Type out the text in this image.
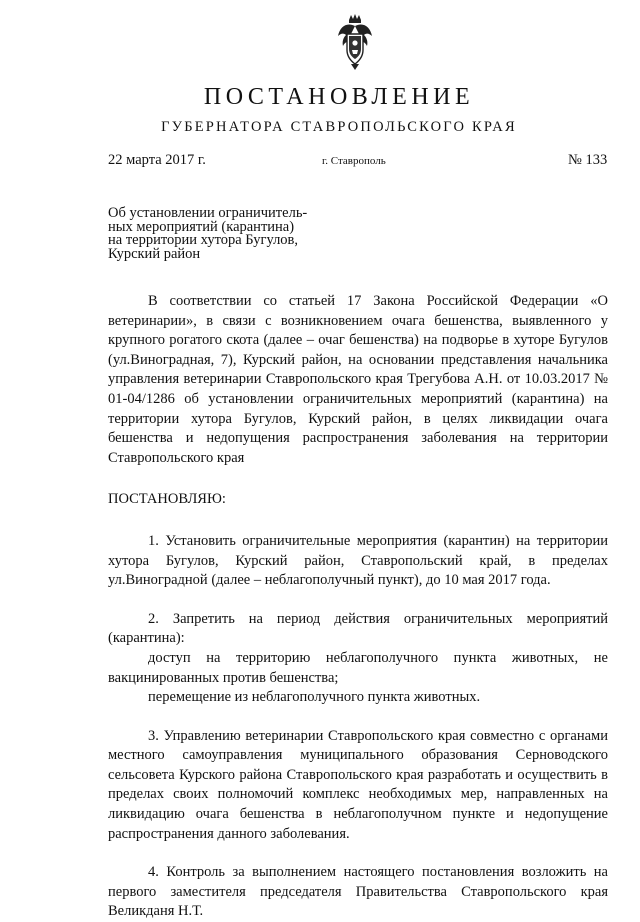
ПОСТАНОВЛЕНИЕ
ГУБЕРНАТОРА СТАВРОПОЛЬСКОГО КРАЯ
22 марта 2017 г.	г. Ставрополь	№ 133
Об установлении ограничитель-
ных мероприятий (карантина)
на территории хутора Бугулов,
Курский район

В соответствии со статьей 17 Закона Российской Федерации «О ветеринарии», в связи с возникновением очага бешенства, выявленного у крупного рогатого скота (далее – очаг бешенства) на подворье в хуторе Бугулов (ул.Виноградная, 7), Курский район, на основании представления начальника управления ветеринарии Ставропольского края Трегубова А.Н. от 10.03.2017 № 01-04/1286 об установлении ограничительных мероприятий (карантина) на территории хутора Бугулов, Курский район, в целях ликвидации очага бешенства и недопущения распространения заболевания на территории Ставропольского края

ПОСТАНОВЛЯЮ:

1. Установить ограничительные мероприятия (карантин) на территории хутора Бугулов, Курский район, Ставропольский край, в пределах ул.Виноградной (далее – неблагополучный пункт), до 10 мая 2017 года.

2. Запретить на период действия ограничительных мероприятий (карантина):

доступ на территорию неблагополучного пункта животных, не вакцинированных против бешенства;

перемещение из неблагополучного пункта животных.

3. Управлению ветеринарии Ставропольского края совместно с органами местного самоуправления муниципального образования Серноводского сельсовета Курского района Ставропольского края разработать и осуществить в пределах своих полномочий комплекс необходимых мер, направленных на ликвидацию очага бешенства в неблагополучном пункте и недопущение распространения данного заболевания.

4. Контроль за выполнением настоящего постановления возложить на первого заместителя председателя Правительства Ставропольского края Великданя Н.Т.
